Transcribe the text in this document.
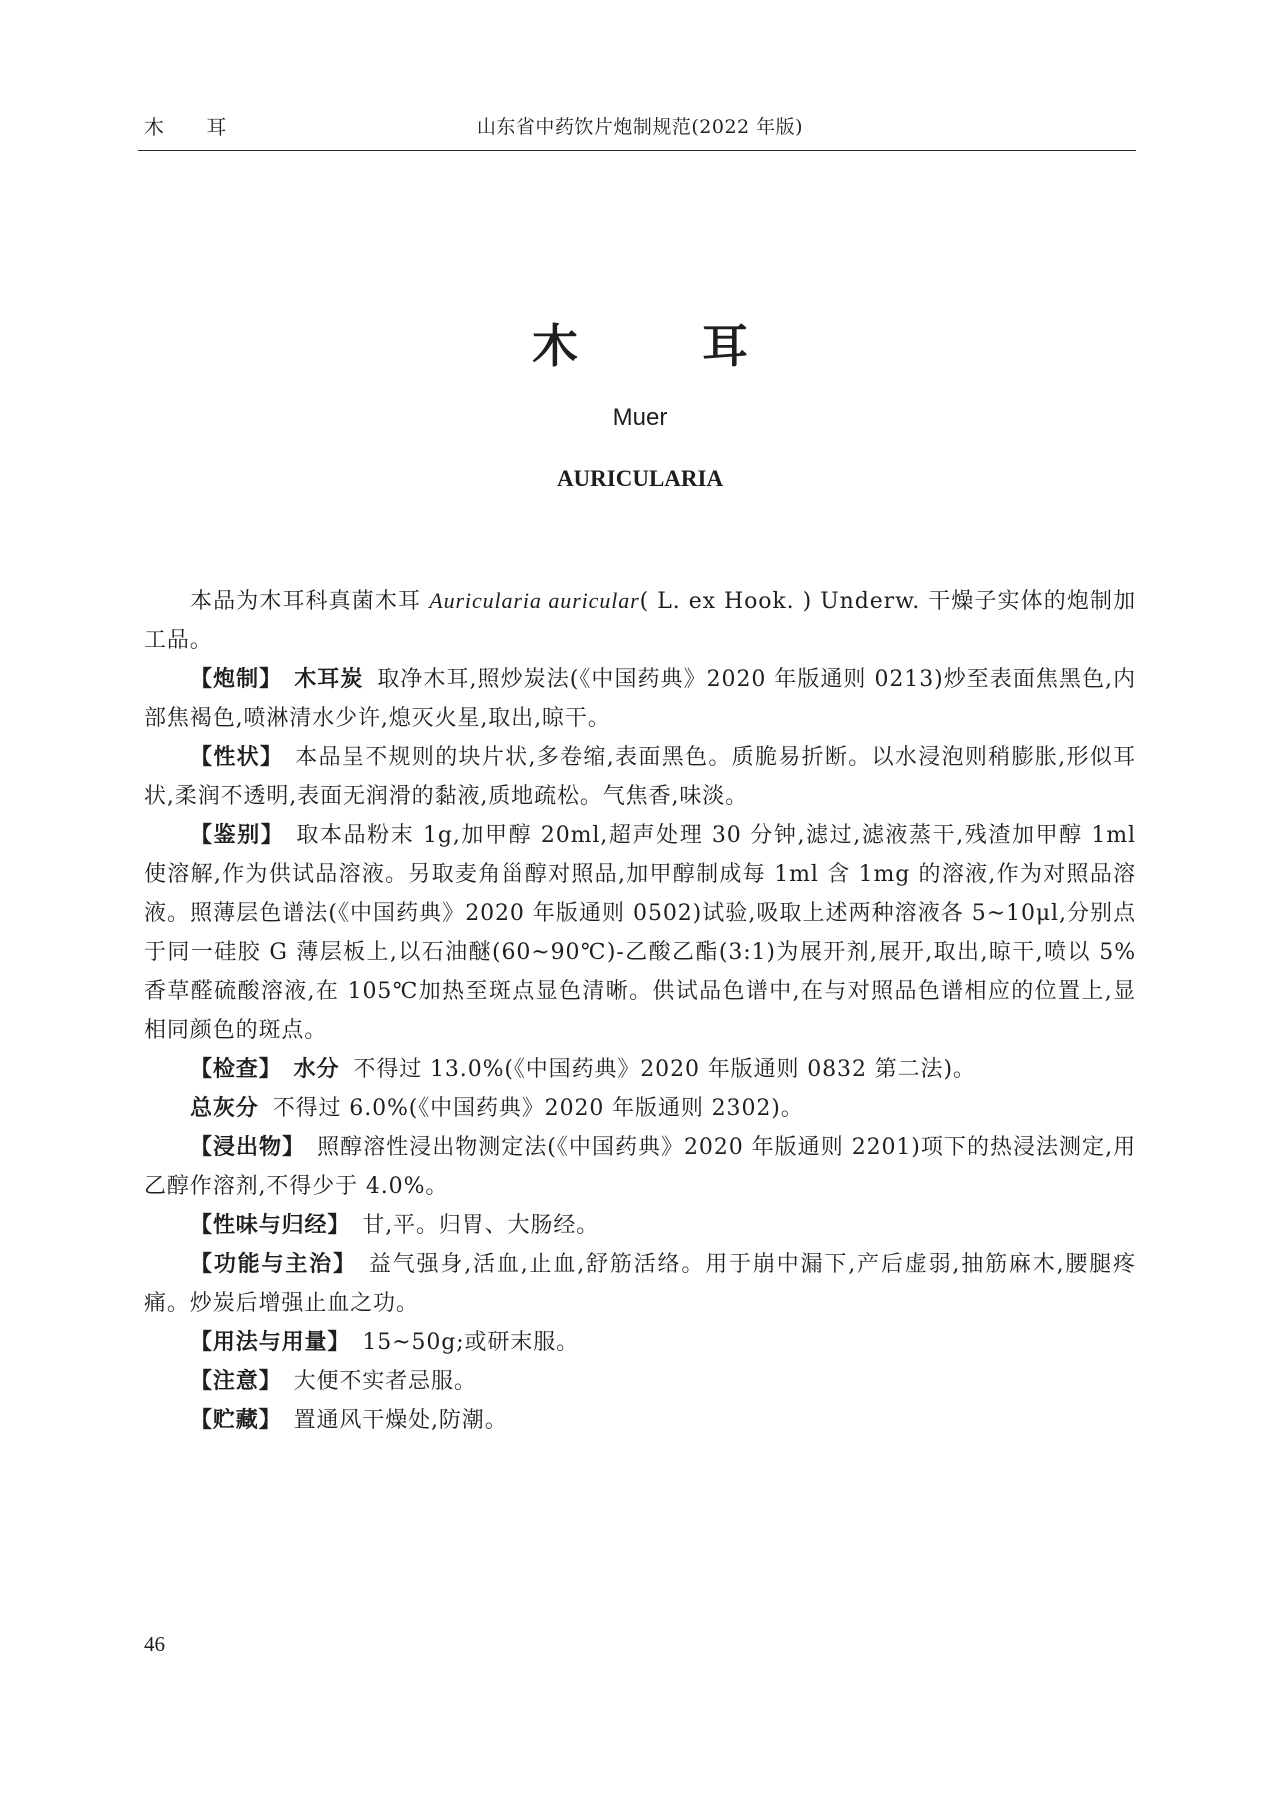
木 耳	山东省中药饮片炮制规范(2022 年版)
木 耳
Muer
AURICULARIA

本品为木耳科真菌木耳 Auricularia auricular( L. ex Hook. ) Underw. 干燥子实体的炮制加工品。

【炮制】 木耳炭 取净木耳,照炒炭法(《中国药典》2020 年版通则 0213)炒至表面焦黑色,内部焦褐色,喷淋清水少许,熄灭火星,取出,晾干。

【性状】 本品呈不规则的块片状,多卷缩,表面黑色。质脆易折断。以水浸泡则稍膨胀,形似耳状,柔润不透明,表面无润滑的黏液,质地疏松。气焦香,味淡。

【鉴别】 取本品粉末 1g,加甲醇 20ml,超声处理 30 分钟,滤过,滤液蒸干,残渣加甲醇 1ml 使溶解,作为供试品溶液。另取麦角甾醇对照品,加甲醇制成每 1ml 含 1mg 的溶液,作为对照品溶液。照薄层色谱法(《中国药典》2020 年版通则 0502)试验,吸取上述两种溶液各 5~10μl,分别点于同一硅胶 G 薄层板上,以石油醚(60~90℃)-乙酸乙酯(3:1)为展开剂,展开,取出,晾干,喷以 5%香草醛硫酸溶液,在 105℃加热至斑点显色清晰。供试品色谱中,在与对照品色谱相应的位置上,显相同颜色的斑点。

【检查】 水分 不得过 13.0%(《中国药典》2020 年版通则 0832 第二法)。

总灰分 不得过 6.0%(《中国药典》2020 年版通则 2302)。

【浸出物】 照醇溶性浸出物测定法(《中国药典》2020 年版通则 2201)项下的热浸法测定,用乙醇作溶剂,不得少于 4.0%。

【性味与归经】 甘,平。归胃、大肠经。

【功能与主治】 益气强身,活血,止血,舒筋活络。用于崩中漏下,产后虚弱,抽筋麻木,腰腿疼痛。炒炭后增强止血之功。

【用法与用量】 15~50g;或研末服。

【注意】 大便不实者忌服。

【贮藏】 置通风干燥处,防潮。

46
